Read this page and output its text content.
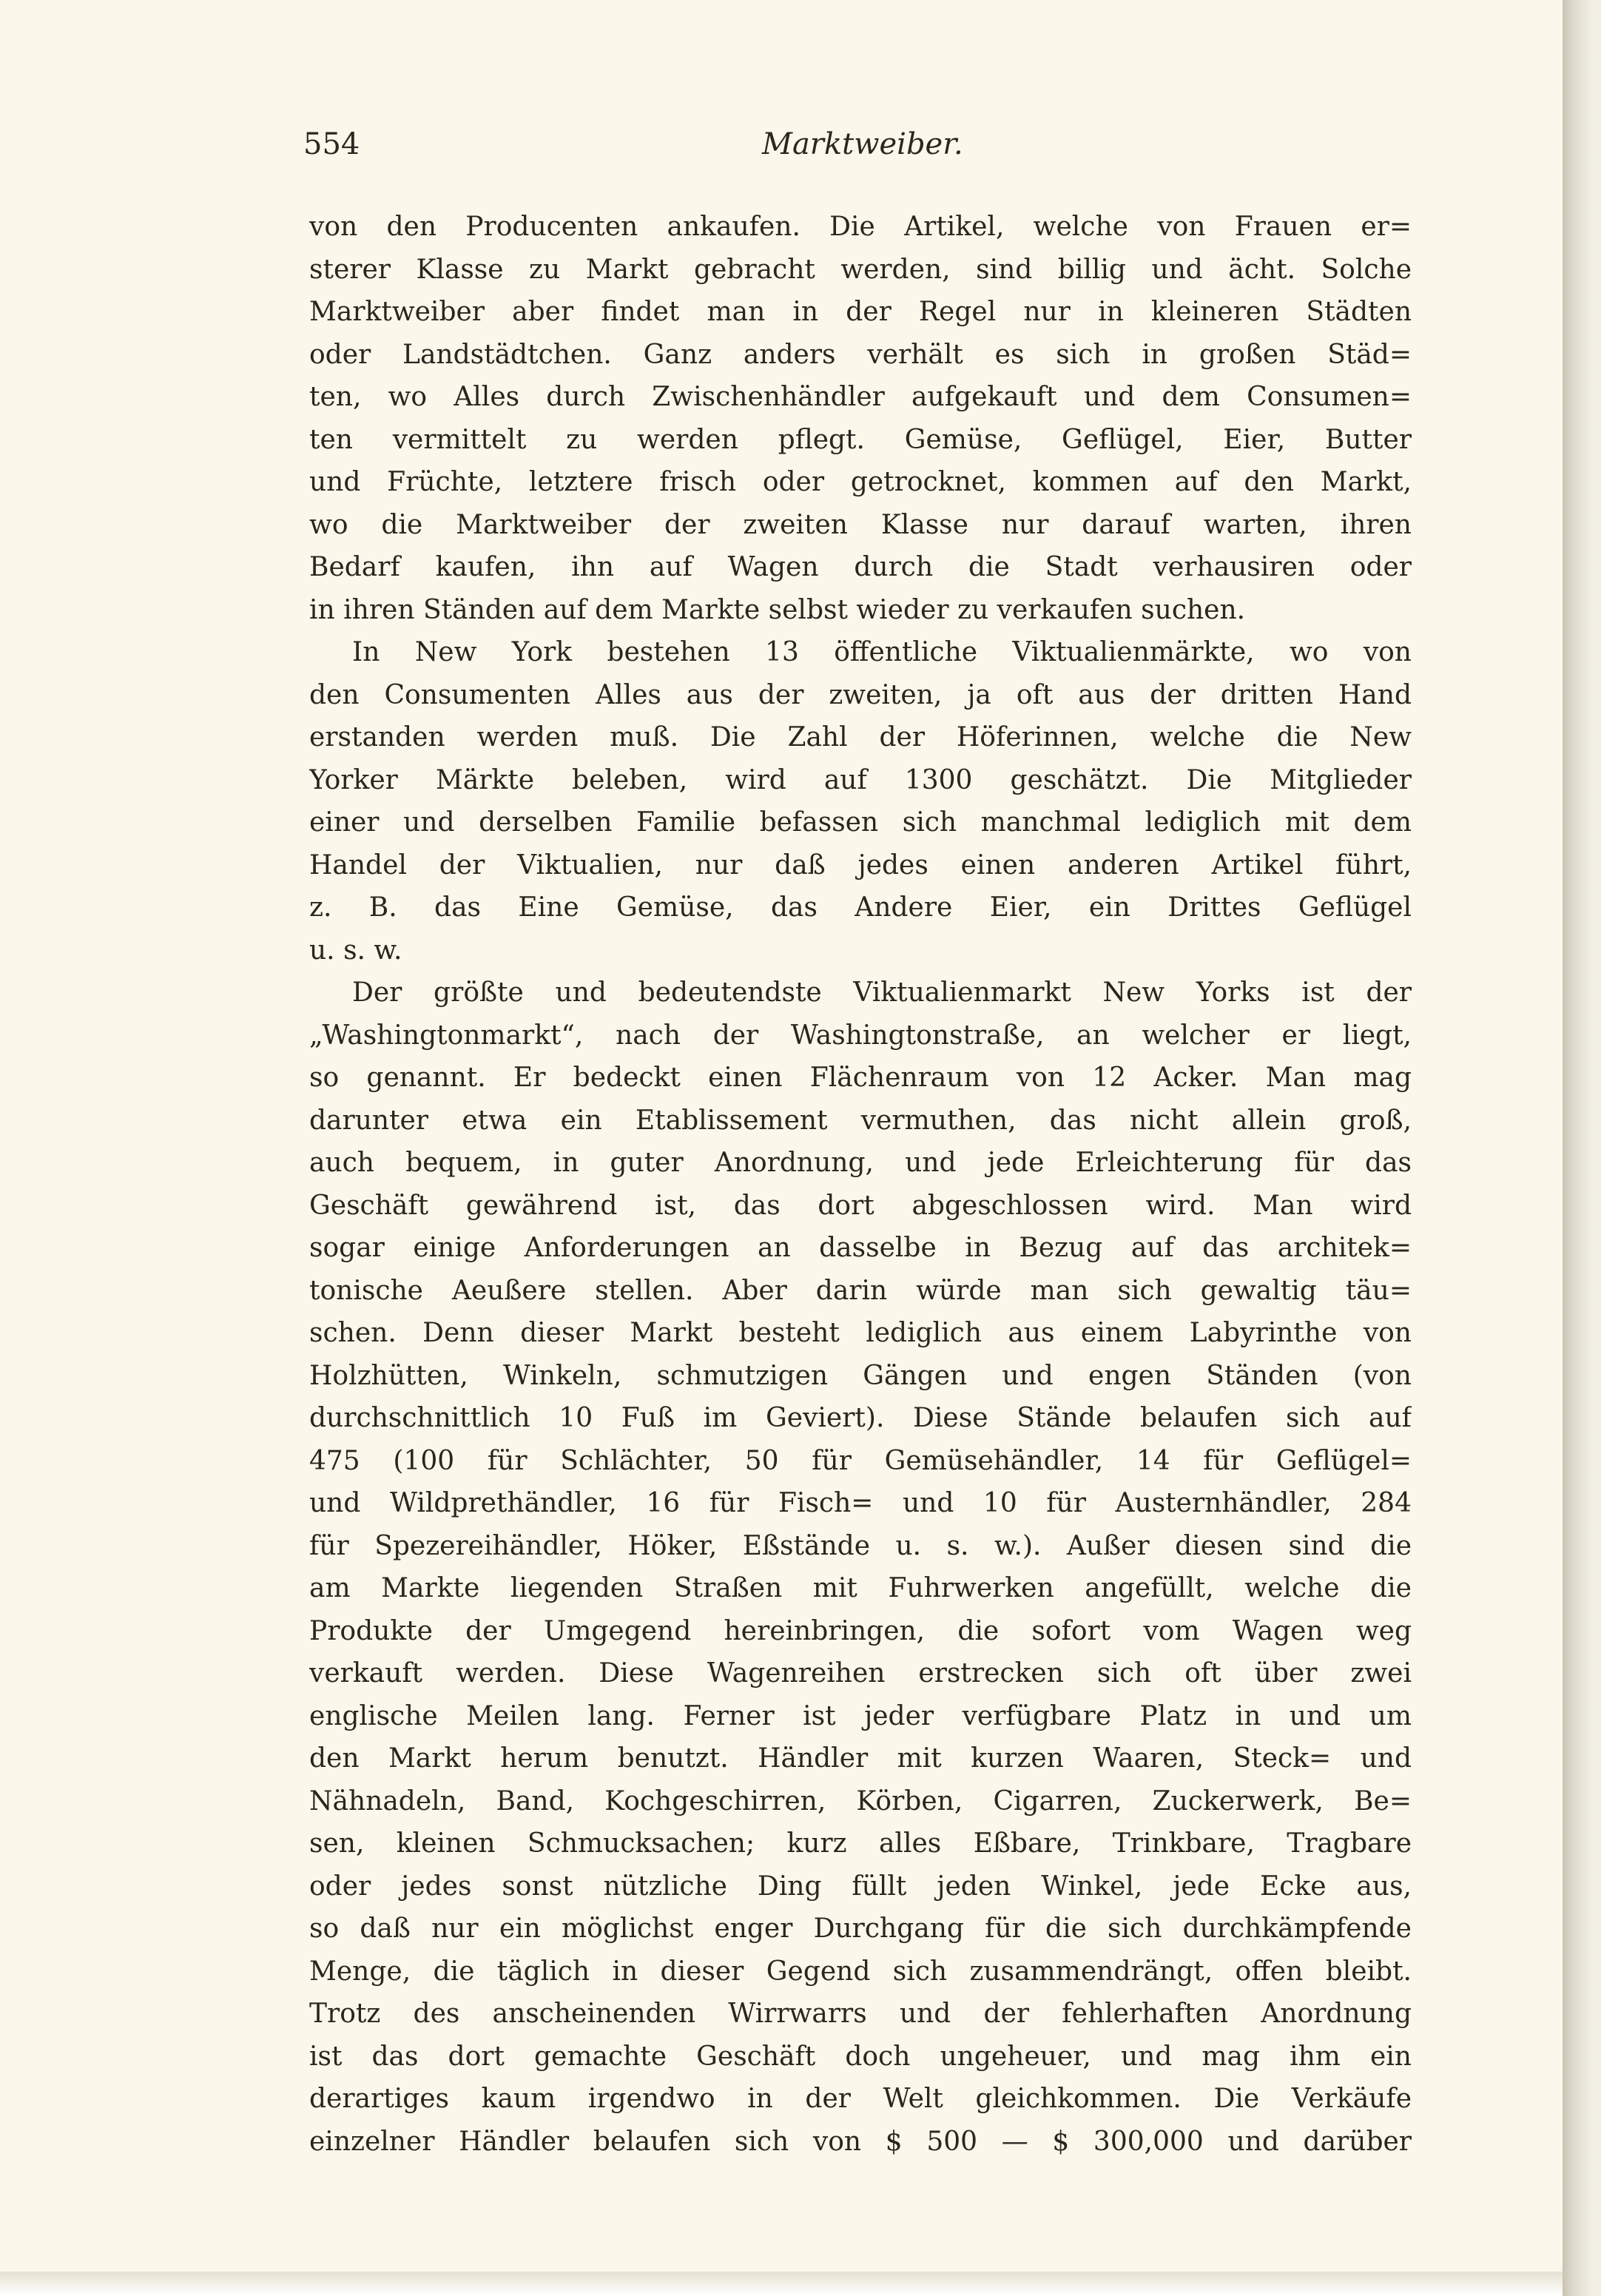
554	Marktweiber.
von den Producenten ankaufen. Die Artikel, welche von Frauen er=
sterer Klasse zu Markt gebracht werden, sind billig und ächt. Solche
Marktweiber aber findet man in der Regel nur in kleineren Städten
oder Landstädtchen. Ganz anders verhält es sich in großen Städ=
ten, wo Alles durch Zwischenhändler aufgekauft und dem Consumen=
ten vermittelt zu werden pflegt. Gemüse, Geflügel, Eier, Butter
und Früchte, letztere frisch oder getrocknet, kommen auf den Markt,
wo die Marktweiber der zweiten Klasse nur darauf warten, ihren
Bedarf kaufen, ihn auf Wagen durch die Stadt verhausiren oder
in ihren Ständen auf dem Markte selbst wieder zu verkaufen suchen.
In New York bestehen 13 öffentliche Viktualienmärkte, wo von
den Consumenten Alles aus der zweiten, ja oft aus der dritten Hand
erstanden werden muß. Die Zahl der Höferinnen, welche die New
Yorker Märkte beleben, wird auf 1300 geschätzt. Die Mitglieder
einer und derselben Familie befassen sich manchmal lediglich mit dem
Handel der Viktualien, nur daß jedes einen anderen Artikel führt,
z. B. das Eine Gemüse, das Andere Eier, ein Drittes Geflügel
u. s. w.
Der größte und bedeutendste Viktualienmarkt New Yorks ist der
„Washingtonmarkt“, nach der Washingtonstraße, an welcher er liegt,
so genannt. Er bedeckt einen Flächenraum von 12 Acker. Man mag
darunter etwa ein Etablissement vermuthen, das nicht allein groß,
auch bequem, in guter Anordnung, und jede Erleichterung für das
Geschäft gewährend ist, das dort abgeschlossen wird. Man wird
sogar einige Anforderungen an dasselbe in Bezug auf das architek=
tonische Aeußere stellen. Aber darin würde man sich gewaltig täu=
schen. Denn dieser Markt besteht lediglich aus einem Labyrinthe von
Holzhütten, Winkeln, schmutzigen Gängen und engen Ständen (von
durchschnittlich 10 Fuß im Geviert). Diese Stände belaufen sich auf
475 (100 für Schlächter, 50 für Gemüsehändler, 14 für Geflügel=
und Wildprethändler, 16 für Fisch= und 10 für Austernhändler, 284
für Spezereihändler, Höker, Eßstände u. s. w.). Außer diesen sind die
am Markte liegenden Straßen mit Fuhrwerken angefüllt, welche die
Produkte der Umgegend hereinbringen, die sofort vom Wagen weg
verkauft werden. Diese Wagenreihen erstrecken sich oft über zwei
englische Meilen lang. Ferner ist jeder verfügbare Platz in und um
den Markt herum benutzt. Händler mit kurzen Waaren, Steck= und
Nähnadeln, Band, Kochgeschirren, Körben, Cigarren, Zuckerwerk, Be=
sen, kleinen Schmucksachen; kurz alles Eßbare, Trinkbare, Tragbare
oder jedes sonst nützliche Ding füllt jeden Winkel, jede Ecke aus,
so daß nur ein möglichst enger Durchgang für die sich durchkämpfende
Menge, die täglich in dieser Gegend sich zusammendrängt, offen bleibt.
Trotz des anscheinenden Wirrwarrs und der fehlerhaften Anordnung
ist das dort gemachte Geschäft doch ungeheuer, und mag ihm ein
derartiges kaum irgendwo in der Welt gleichkommen. Die Verkäufe
einzelner Händler belaufen sich von $ 500 — $ 300,000 und darüber
